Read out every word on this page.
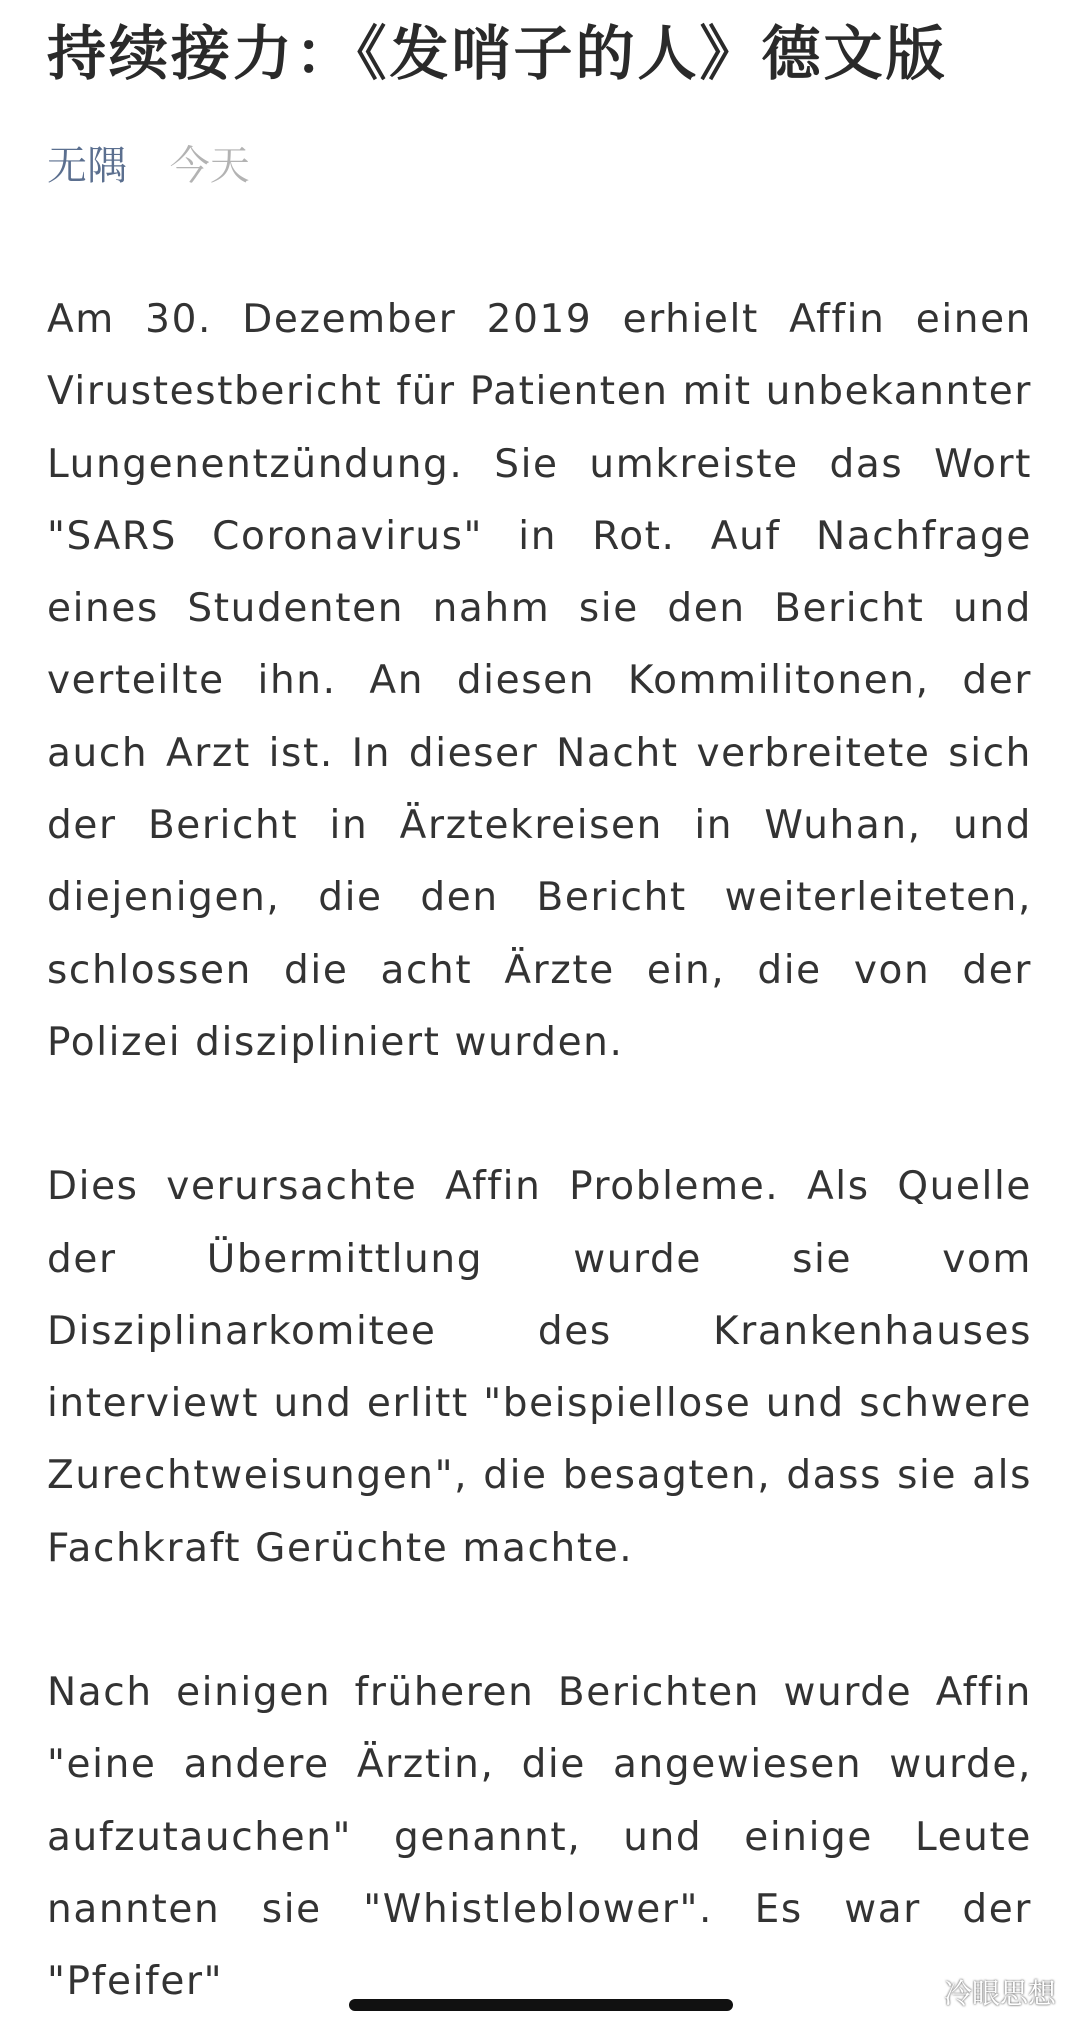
持续接力：《发哨子的人》德文版
无隅 今天

Am 30. Dezember 2019 erhielt Affin einen Virustestbericht für Patienten mit unbekannter Lungenentzündung. Sie umkreiste das Wort "SARS Coronavirus" in Rot. Auf Nachfrage eines Studenten nahm sie den Bericht und verteilte ihn. An diesen Kommilitonen, der auch Arzt ist. In dieser Nacht verbreitete sich der Bericht in Ärztekreisen in Wuhan, und diejenigen, die den Bericht weiterleiteten, schlossen die acht Ärzte ein, die von der Polizei diszipliniert wurden.

Dies verursachte Affin Probleme. Als Quelle der Übermittlung wurde sie vom Disziplinarkomitee des Krankenhauses interviewt und erlitt "beispiellose und schwere Zurechtweisungen", die besagten, dass sie als Fachkraft Gerüchte machte.

Nach einigen früheren Berichten wurde Affin "eine andere Ärztin, die angewiesen wurde, aufzutauchen" genannt, und einige Leute nannten sie "Whistleblower". Es war der "Pfeifer"	冷眼思想
